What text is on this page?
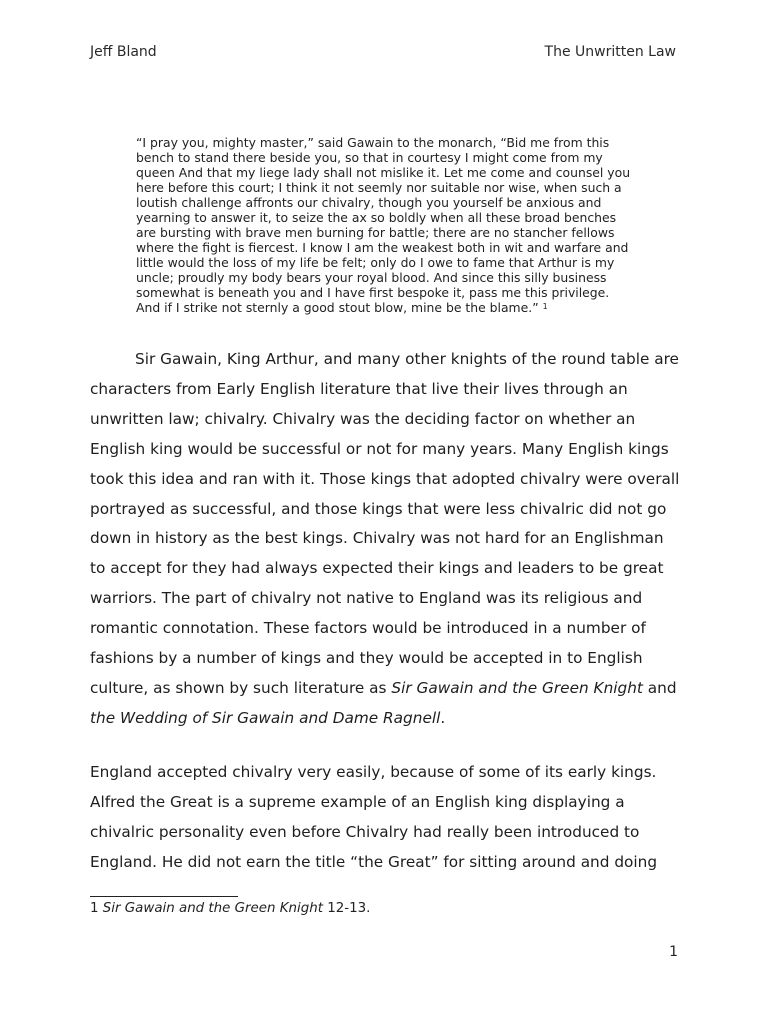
Jeff Bland	The Unwritten Law
“I pray you, mighty master,” said Gawain to the monarch, “Bid me from this bench to stand there beside you, so that in courtesy I might come from my queen And that my liege lady shall not mislike it. Let me come and counsel you here before this court; I think it not seemly nor suitable nor wise, when such a loutish challenge affronts our chivalry, though you yourself be anxious and yearning to answer it, to seize the ax so boldly when all these broad benches are bursting with brave men burning for battle; there are no stancher fellows where the fight is fiercest. I know I am the weakest both in wit and warfare and little would the loss of my life be felt; only do I owe to fame that Arthur is my uncle; proudly my body bears your royal blood. And since this silly business somewhat is beneath you and I have first bespoke it, pass me this privilege. And if I strike not sternly a good stout blow, mine be the blame.” $^1$

Sir Gawain, King Arthur, and many other knights of the round table are characters from Early English literature that live their lives through an unwritten law; chivalry. Chivalry was the deciding factor on whether an English king would be successful or not for many years. Many English kings took this idea and ran with it. Those kings that adopted chivalry were overall portrayed as successful, and those kings that were less chivalric did not go down in history as the best kings. Chivalry was not hard for an Englishman to accept for they had always expected their kings and leaders to be great warriors. The part of chivalry not native to England was its religious and romantic connotation. These factors would be introduced in a number of fashions by a number of kings and they would be accepted in to English culture, as shown by such literature as Sir Gawain and the Green Knight and the Wedding of Sir Gawain and Dame Ragnell.

England accepted chivalry very easily, because of some of its early kings. Alfred the Great is a supreme example of an English king displaying a chivalric personality even before Chivalry had really been introduced to England. He did not earn the title “the Great” for sitting around and doing

1 Sir Gawain and the Green Knight 12-13.
1
